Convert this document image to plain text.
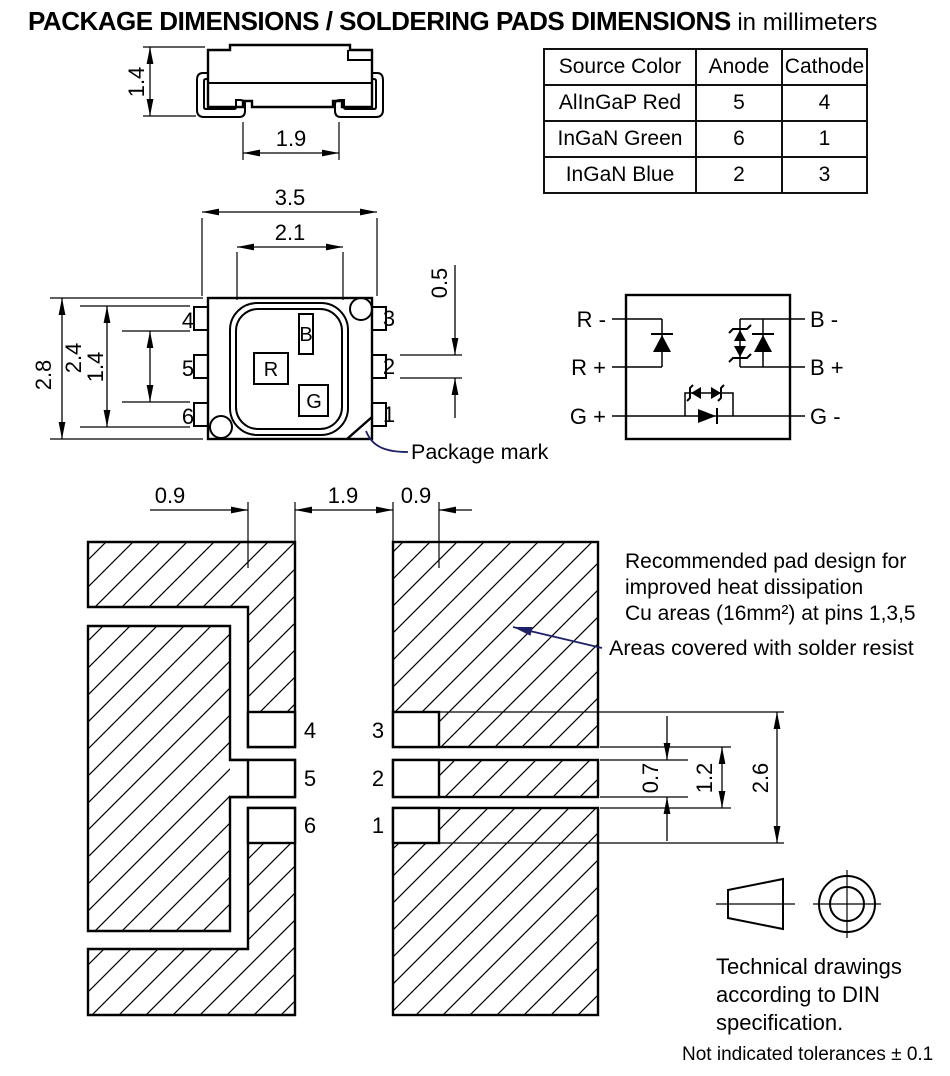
1.4
1.9
B
R
G
4
5
6
3
2
1
3.5
2.1
2.8
2.4
1.4
0.5
R -
R +
G +
B -
B +
G -
4
5
6
3
2
1
0.9	1.9 0.9
0.7 1.2 2.6
PACKAGE DIMENSIONS / SOLDERING PADS DIMENSIONS in millimeters
Source Color	Anode	Cathode
AlInGaP Red	5	4
InGaN Green	6	1
InGaN Blue	2	3
Package mark
Recommended pad design for
improved heat dissipation
Cu areas (16mm²) at pins 1,3,5
Areas covered with solder resist
Technical drawings
according to DIN
specification.
Not indicated tolerances ± 0.1
